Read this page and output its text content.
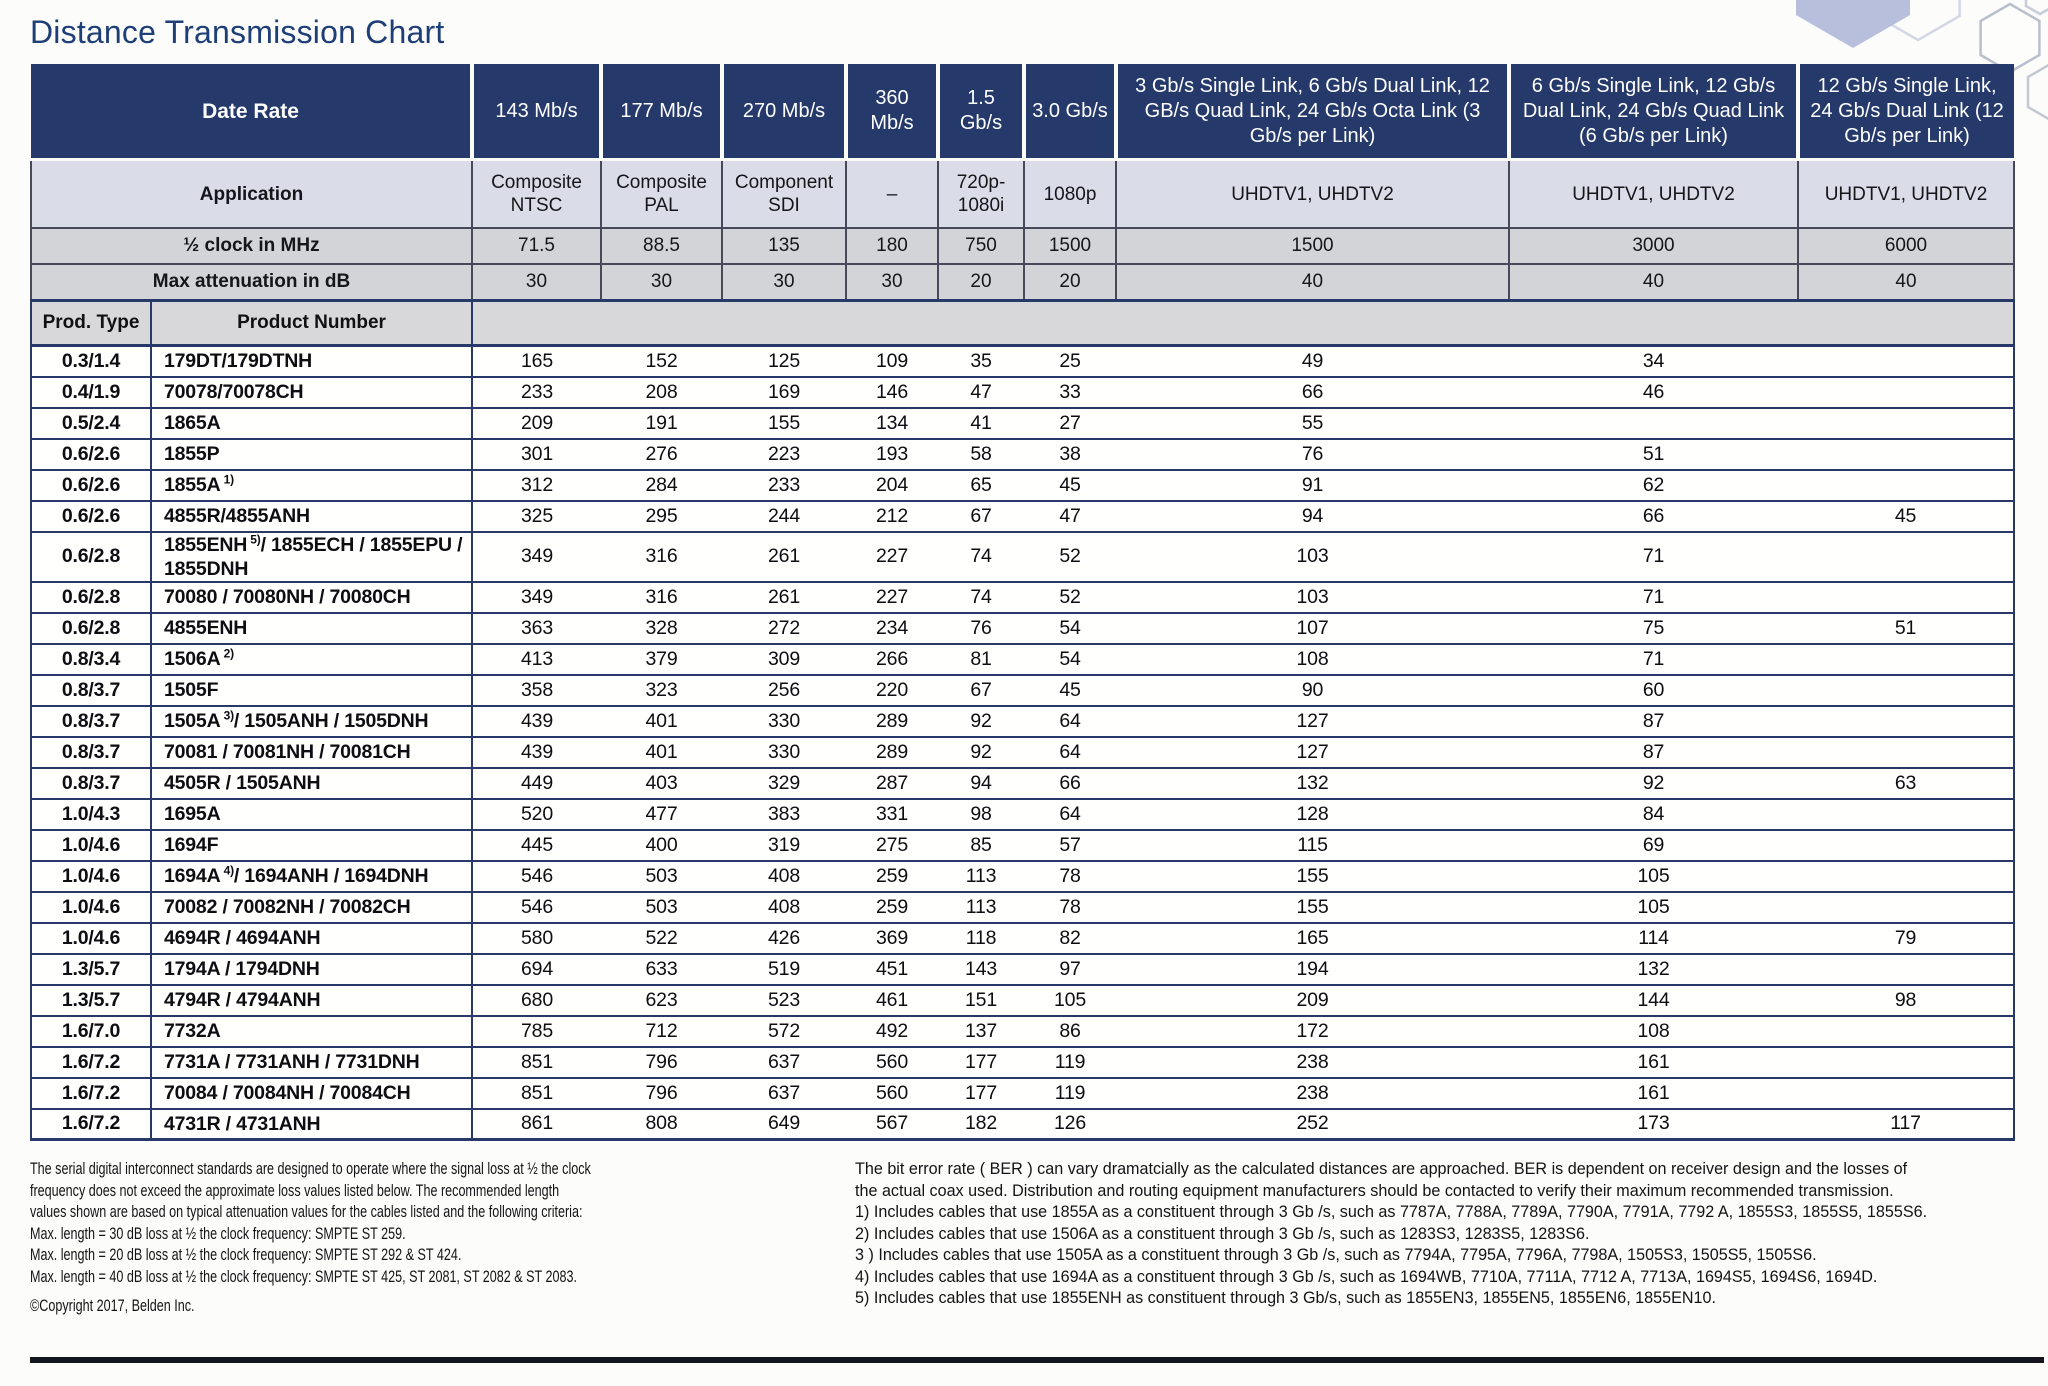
Distance Transmission Chart
Date Rate		143 Mb/s	177 Mb/s	270 Mb/s	360 Mb/s	1.5 Gb/s	3.0 Gb/s	3 Gb/s Single Link, 6 Gb/s Dual Link, 12 GB/s Quad Link, 24 Gb/s Octa Link (3 Gb/s per Link)	6 Gb/s Single Link, 12 Gb/s Dual Link, 24 Gb/s Quad Link (6 Gb/s per Link)	12 Gb/s Single Link, 24 Gb/s Dual Link (12 Gb/s per Link)
Application		Composite NTSC	Composite PAL	Component SDI	–	720p-1080i	1080p	UHDTV1, UHDTV2	UHDTV1, UHDTV2	UHDTV1, UHDTV2
½ clock in MHz		71.5	88.5	135	180	750	1500	1500	3000	6000
Max attenuation in dB		30	30	30	30	20	20	40	40	40
Prod. Type	Product Number									
0.3/1.4	179DT/179DTNH	165	152	125	109	35	25	49	34	
0.4/1.9	70078/70078CH	233	208	169	146	47	33	66	46	
0.5/2.4	1865A	209	191	155	134	41	27	55		
0.6/2.6	1855P	301	276	223	193	58	38	76	51	
0.6/2.6	1855A $^{1)}$	312	284	233	204	65	45	91	62	
0.6/2.6	4855R/4855ANH	325	295	244	212	67	47	94	66	45
0.6/2.8	1855ENH $^{5)}$/ 1855ECH / 1855EPU / 1855DNH	349	316	261	227	74	52	103	71	
0.6/2.8	70080 / 70080NH / 70080CH	349	316	261	227	74	52	103	71	
0.6/2.8	4855ENH	363	328	272	234	76	54	107	75	51
0.8/3.4	1506A $^{2)}$	413	379	309	266	81	54	108	71	
0.8/3.7	1505F	358	323	256	220	67	45	90	60	
0.8/3.7	1505A $^{3)}$/ 1505ANH / 1505DNH	439	401	330	289	92	64	127	87	
0.8/3.7	70081 / 70081NH / 70081CH	439	401	330	289	92	64	127	87	
0.8/3.7	4505R / 1505ANH	449	403	329	287	94	66	132	92	63
1.0/4.3	1695A	520	477	383	331	98	64	128	84	
1.0/4.6	1694F	445	400	319	275	85	57	115	69	
1.0/4.6	1694A $^{4)}$/ 1694ANH / 1694DNH	546	503	408	259	113	78	155	105	
1.0/4.6	70082 / 70082NH / 70082CH	546	503	408	259	113	78	155	105	
1.0/4.6	4694R / 4694ANH	580	522	426	369	118	82	165	114	79
1.3/5.7	1794A / 1794DNH	694	633	519	451	143	97	194	132	
1.3/5.7	4794R / 4794ANH	680	623	523	461	151	105	209	144	98
1.6/7.0	7732A	785	712	572	492	137	86	172	108	
1.6/7.2	7731A / 7731ANH / 7731DNH	851	796	637	560	177	119	238	161	
1.6/7.2	70084 / 70084NH / 70084CH	851	796	637	560	177	119	238	161	
1.6/7.2	4731R / 4731ANH	861	808	649	567	182	126	252	173	117
The serial digital interconnect standards are designed to operate where the signal loss at ½ the clock
frequency does not exceed the approximate loss values listed below. The recommended length
values shown are based on typical attenuation values for the cables listed and the following criteria:
Max. length = 30 dB loss at ½ the clock frequency: SMPTE ST 259.
Max. length = 20 dB loss at ½ the clock frequency: SMPTE ST 292 & ST 424.
Max. length = 40 dB loss at ½ the clock frequency: SMPTE ST 425, ST 2081, ST 2082 & ST 2083.
©Copyright 2017, Belden Inc.
The bit error rate ( BER ) can vary dramatcially as the calculated distances are approached. BER is dependent on receiver design and the losses of
the actual coax used. Distribution and routing equipment manufacturers should be contacted to verify their maximum recommended transmission.
1) Includes cables that use 1855A as a constituent through 3 Gb /s, such as 7787A, 7788A, 7789A, 7790A, 7791A, 7792 A, 1855S3, 1855S5, 1855S6.
2) Includes cables that use 1506A as a constituent through 3 Gb /s, such as 1283S3, 1283S5, 1283S6.
3 ) Includes cables that use 1505A as a constituent through 3 Gb /s, such as 7794A, 7795A, 7796A, 7798A, 1505S3, 1505S5, 1505S6.
4) Includes cables that use 1694A as a constituent through 3 Gb /s, such as 1694WB, 7710A, 7711A, 7712 A, 7713A, 1694S5, 1694S6, 1694D.
5) Includes cables that use 1855ENH as constituent through 3 Gb/s, such as 1855EN3, 1855EN5, 1855EN6, 1855EN10.
